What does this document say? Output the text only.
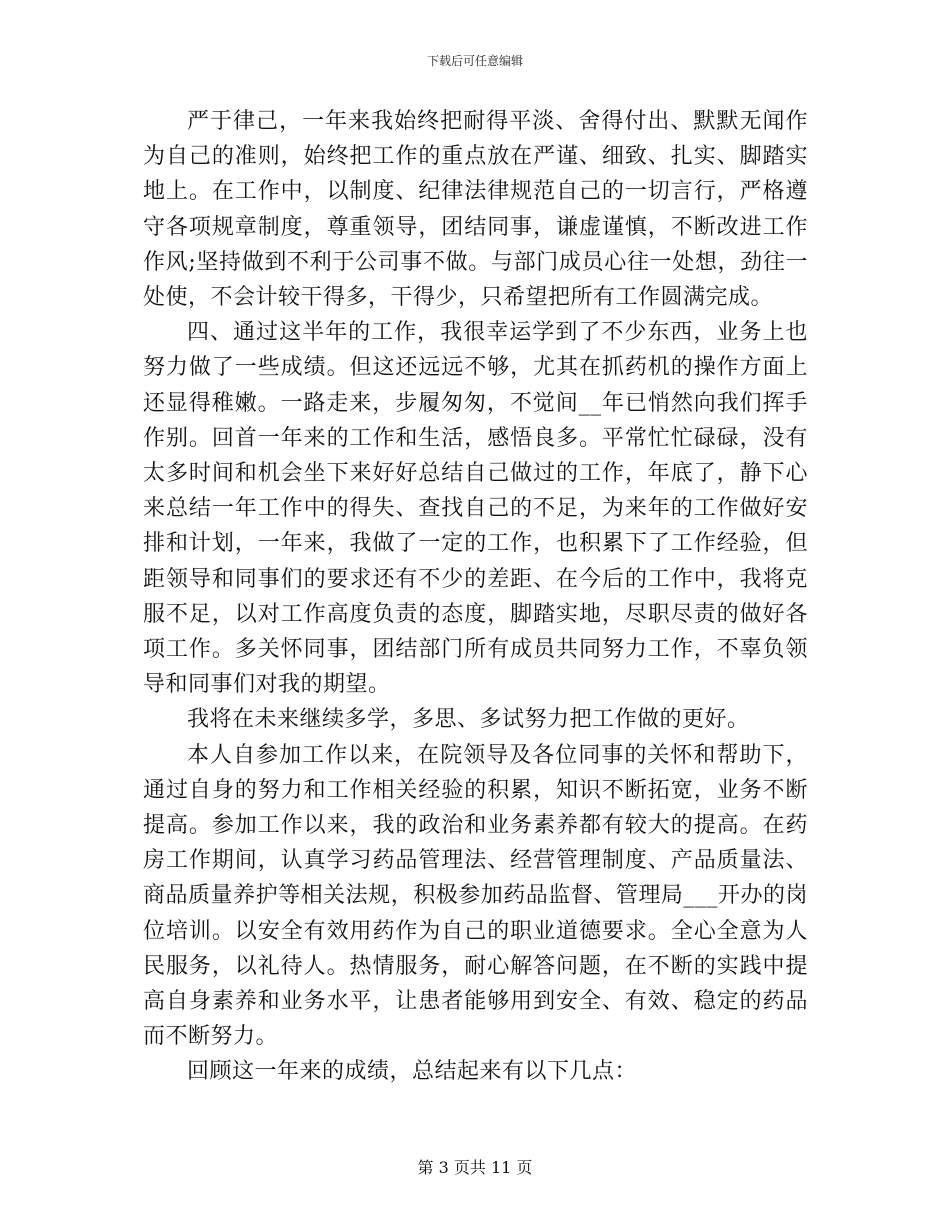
下载后可任意编辑

严于律己，一年来我始终把耐得平淡、舍得付出、默默无闻作为自己的准则，始终把工作的重点放在严谨、细致、扎实、脚踏实地上。在工作中，以制度、纪律法律规范自己的一切言行，严格遵守各项规章制度，尊重领导，团结同事，谦虚谨慎，不断改进工作作风;坚持做到不利于公司事不做。与部门成员心往一处想，劲往一处使，不会计较干得多，干得少，只希望把所有工作圆满完成。

四、通过这半年的工作，我很幸运学到了不少东西，业务上也努力做了一些成绩。但这还远远不够，尤其在抓药机的操作方面上还显得稚嫩。一路走来，步履匆匆，不觉间__年已悄然向我们挥手作别。回首一年来的工作和生活，感悟良多。平常忙忙碌碌，没有太多时间和机会坐下来好好总结自己做过的工作，年底了，静下心来总结一年工作中的得失、查找自己的不足，为来年的工作做好安排和计划，一年来，我做了一定的工作，也积累下了工作经验，但距领导和同事们的要求还有不少的差距、在今后的工作中，我将克服不足，以对工作高度负责的态度，脚踏实地，尽职尽责的做好各项工作。多关怀同事，团结部门所有成员共同努力工作，不辜负领导和同事们对我的期望。

我将在未来继续多学，多思、多试努力把工作做的更好。

本人自参加工作以来，在院领导及各位同事的关怀和帮助下，通过自身的努力和工作相关经验的积累，知识不断拓宽，业务不断提高。参加工作以来，我的政治和业务素养都有较大的提高。在药房工作期间，认真学习药品管理法、经营管理制度、产品质量法、商品质量养护等相关法规，积极参加药品监督、管理局___开办的岗位培训。以安全有效用药作为自己的职业道德要求。全心全意为人民服务，以礼待人。热情服务，耐心解答问题，在不断的实践中提高自身素养和业务水平，让患者能够用到安全、有效、稳定的药品而不断努力。

回顾这一年来的成绩，总结起来有以下几点：

第 3 页共 11 页
